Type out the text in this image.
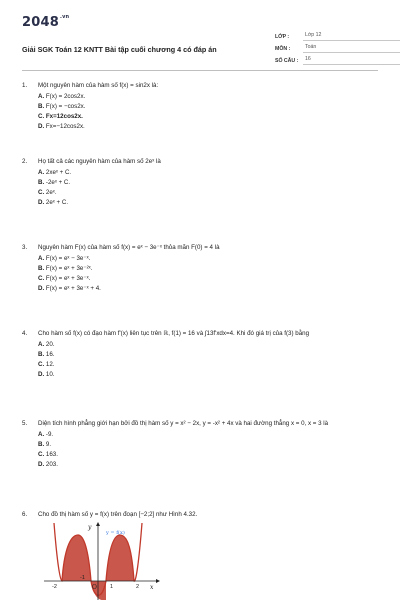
$2048^{.vn}$
Giải SGK Toán 12 KNTT Bài tập cuối chương 4 có đáp án
LỚP :	Lớp 12
MÔN :	Toán
SỐ CÂU :	16
1.	Một nguyên hàm của hàm số f(x) = sin2x là:
A. F(x) = 2cos2x.
B. F(x) = −cos2x.
C. Fx=12cos2x.
D. Fx=−12cos2x.
2.	Họ tất cả các nguyên hàm của hàm số 2eˣ là
A. 2xeˣ + C.
B. -2eˣ + C.
C. 2eˣ.
D. 2eˣ + C.
3.	Nguyên hàm F(x) của hàm số f(x) = eˣ − 3e⁻ˣ thỏa mãn F(0) = 4 là
A. F(x) = eˣ − 3e⁻ˣ.
B. F(x) = eˣ + 3e⁻²ˣ.
C. F(x) = eˣ + 3e⁻ˣ.
D. F(x) = eˣ + 3e⁻ˣ + 4.
4.	Cho hàm số f(x) có đạo hàm f'(x) liên tục trên ℝ, f(1) = 16 và ∫13f'xdx=4. Khi đó giá trị của f(3) bằng
A. 20.
B. 16.
C. 12.
D. 10.
5.	Diện tích hình phẳng giới hạn bởi đồ thị hàm số y = x² − 2x, y = -x² + 4x và hai đường thẳng x = 0, x = 3 là
A. -9.
B. 9.
C. 163.
D. 203.
6.	Cho đồ thị hàm số y = f(x) trên đoạn [−2;2] như Hình 4.32.
y
x
O
y = f(x)
-2
-1
1	2
